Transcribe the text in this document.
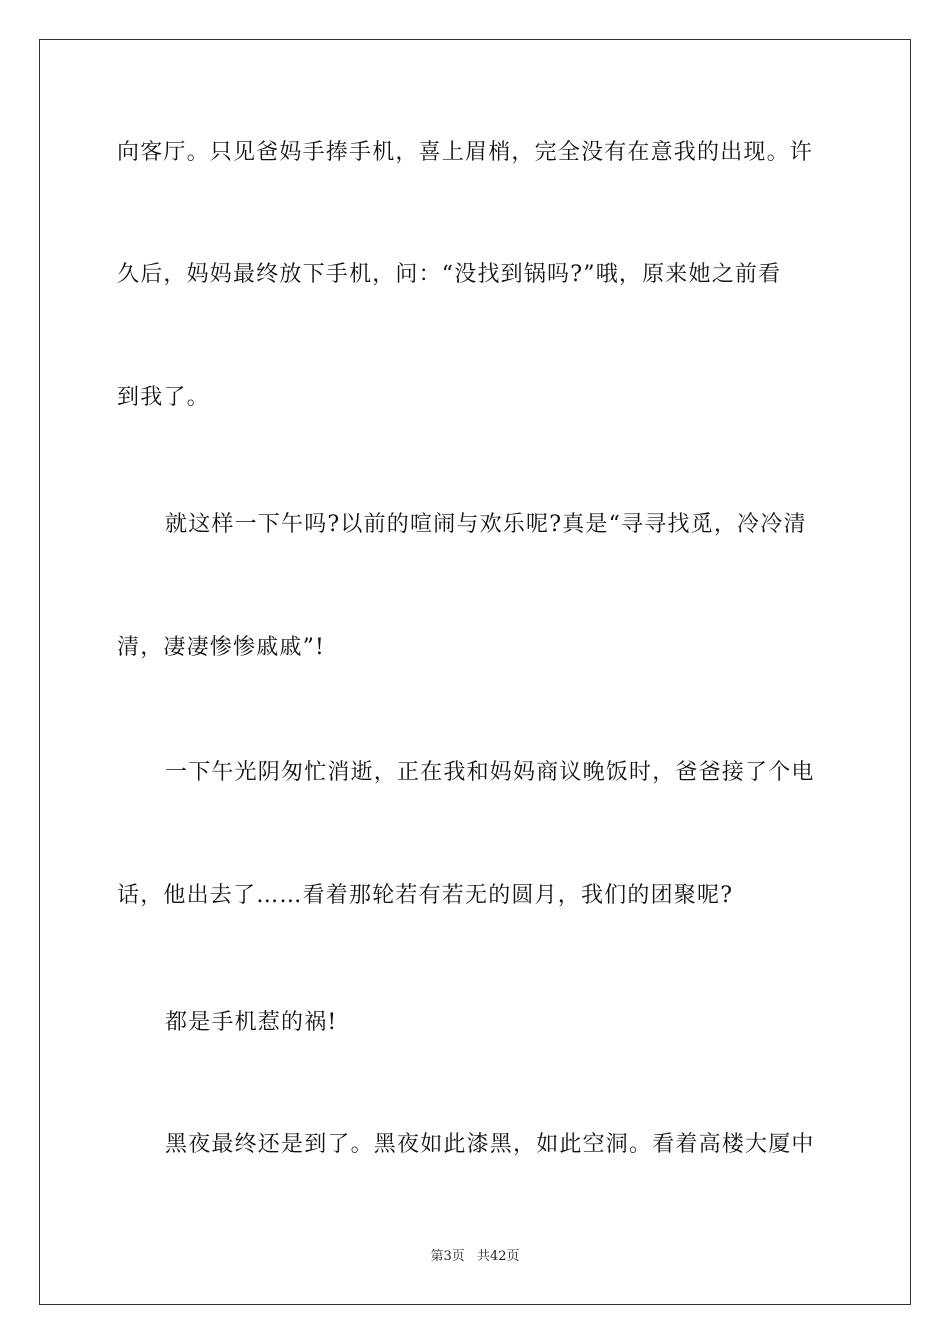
向客厅。只见爸妈手捧手机，喜上眉梢，完全没有在意我的出现。许
久后，妈妈最终放下手机，问：“没找到锅吗?”哦，原来她之前看
到我了。
就这样一下午吗?以前的喧闹与欢乐呢?真是“寻寻找觅，冷冷清
清，凄凄惨惨戚戚”!
一下午光阴匆忙消逝，正在我和妈妈商议晚饭时，爸爸接了个电
话，他出去了……看着那轮若有若无的圆月，我们的团聚呢?
都是手机惹的祸!
黑夜最终还是到了。黑夜如此漆黑，如此空洞。看着高楼大厦中
第3页 共42页
